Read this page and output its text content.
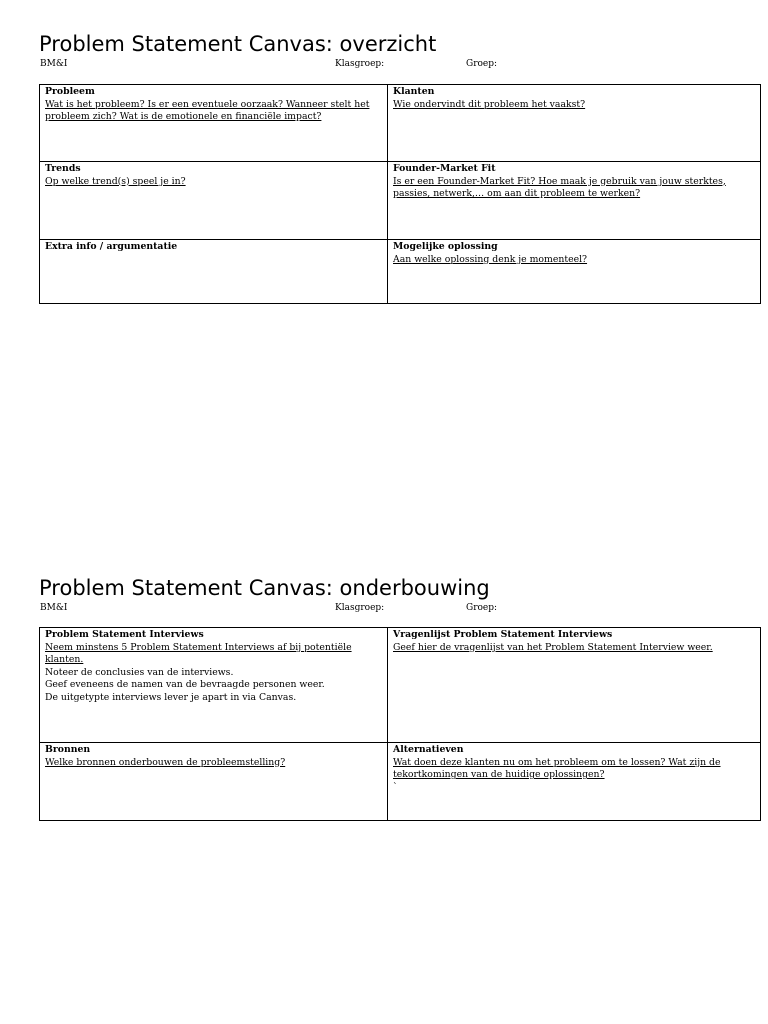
Problem Statement Canvas: overzicht
BM&I	Klasgroep:	Groep:
Probleem
Wat is het probleem? Is er een eventuele oorzaak? Wanneer stelt het probleem zich? Wat is de emotionele en financiële impact?
Klanten
Wie ondervindt dit probleem het vaakst?
Trends
Op welke trend(s) speel je in?
Founder-Market Fit
Is er een Founder-Market Fit? Hoe maak je gebruik van jouw sterktes, passies, netwerk,… om aan dit probleem te werken?
Extra info / argumentatie	Mogelijke oplossing
Aan welke oplossing denk je momenteel?
Problem Statement Canvas: onderbouwing
BM&I	Klasgroep:	Groep:
Problem Statement Interviews
Neem minstens 5 Problem Statement Interviews af bij potentiële klanten.
Noteer de conclusies van de interviews.
Geef eveneens de namen van de bevraagde personen weer.
De uitgetypte interviews lever je apart in via Canvas.
Vragenlijst Problem Statement Interviews
Geef hier de vragenlijst van het Problem Statement Interview weer.
Bronnen
Welke bronnen onderbouwen de probleemstelling?
Alternatieven
Wat doen deze klanten nu om het probleem om te lossen? Wat zijn de tekortkomingen van de huidige oplossingen?
`
